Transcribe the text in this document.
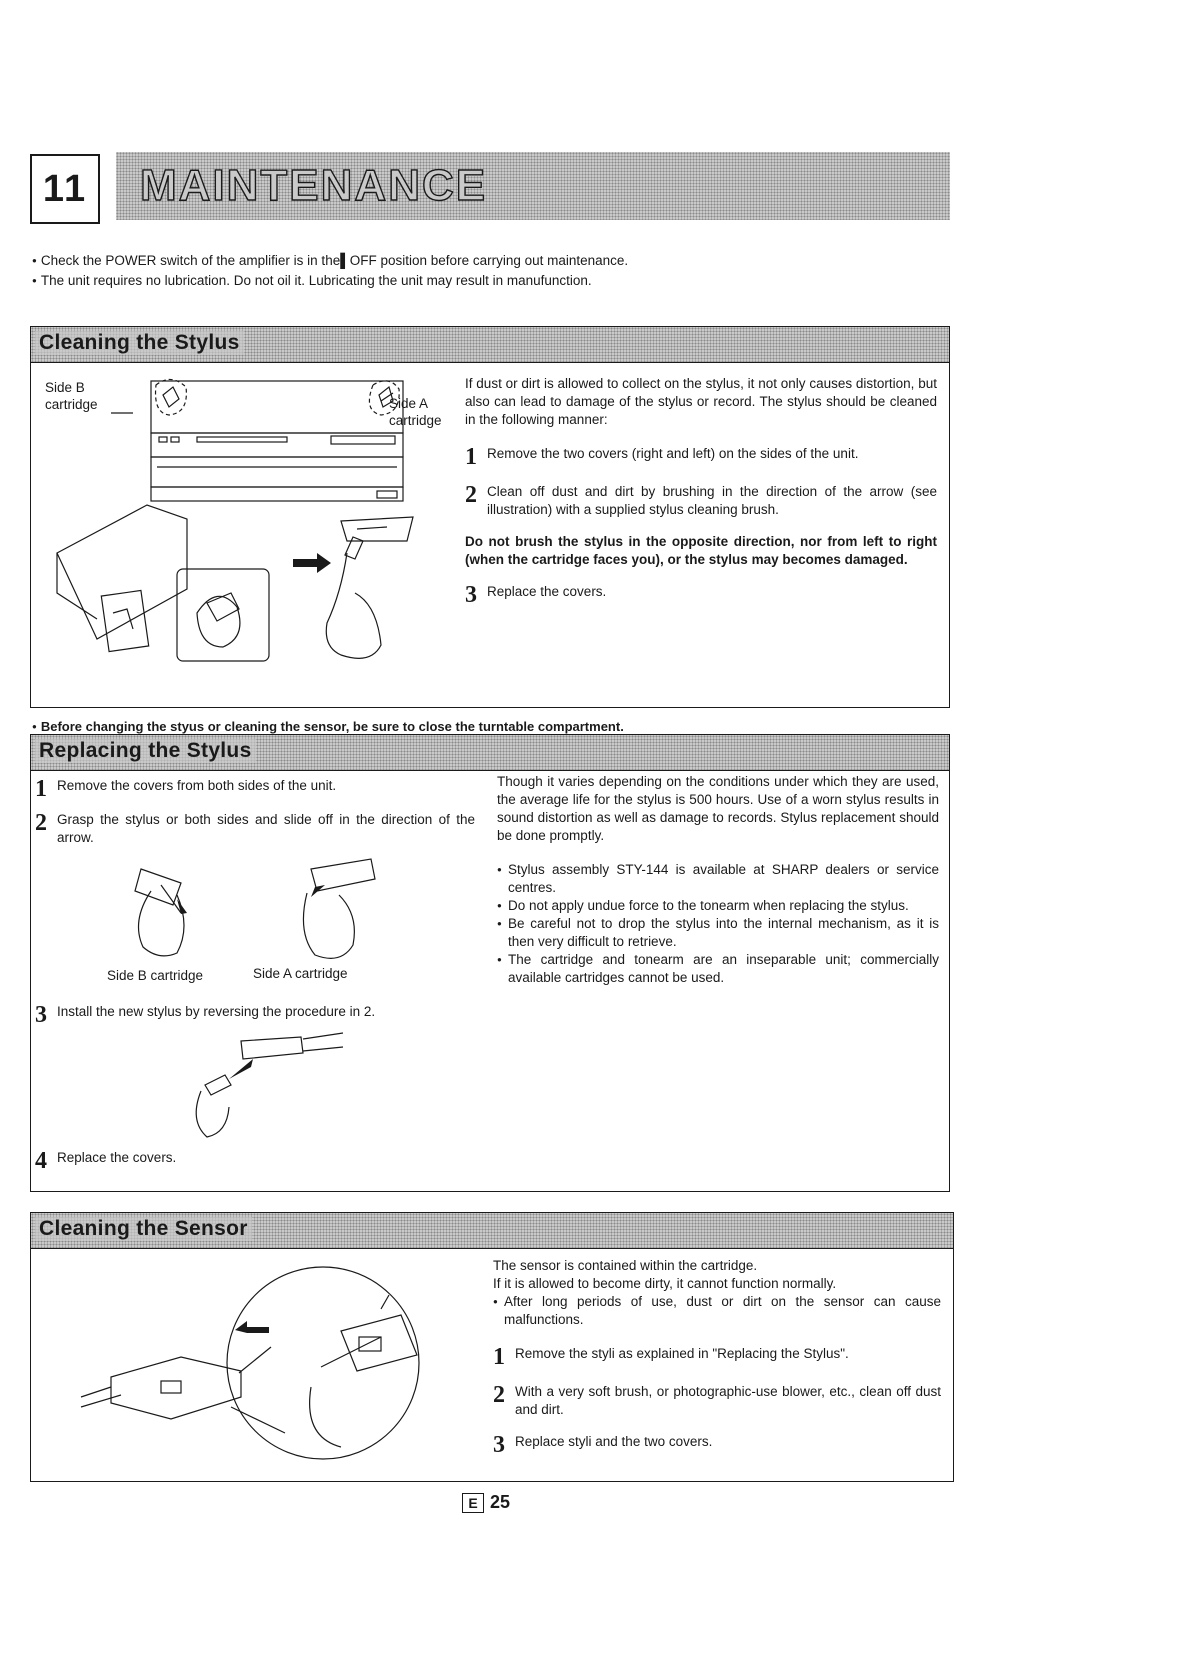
11 MAINTENANCE
● Check the POWER switch of the amplifier is in the▌OFF position before carrying out maintenance.
● The unit requires no lubrication. Do not oil it. Lubricating the unit may result in manufunction.
Cleaning the Stylus
Side B
cartridge	Side A
cartridge

If dust or dirt is allowed to collect on the stylus, it not only causes distortion, but also can lead to damage of the stylus or record. The stylus should be cleaned in the following manner:

1 Remove the two covers (right and left) on the sides of the unit.
2 Clean off dust and dirt by brushing in the direction of the arrow (see illustration) with a supplied stylus cleaning brush.

Do not brush the stylus in the opposite direction, nor from left to right (when the cartridge faces you), or the stylus may becomes damaged.

3 Replace the covers.
● Before changing the styus or cleaning the sensor, be sure to close the turntable compartment.
Replacing the Stylus
1 Remove the covers from both sides of the unit.
2 Grasp the stylus or both sides and slide off in the direction of the arrow.
Side B cartridge	Side A cartridge
3 Install the new stylus by reversing the procedure in 2.
4 Replace the covers.

Though it varies depending on the conditions under which they are used, the average life for the stylus is 500 hours. Use of a worn stylus results in sound distortion as well as damage to records. Stylus replacement should be done promptly.

● Stylus assembly STY-144 is available at SHARP dealers or service centres.
● Do not apply undue force to the tonearm when replacing the stylus.
● Be careful not to drop the stylus into the internal mechanism, as it is then very difficult to retrieve.
● The cartridge and tonearm are an inseparable unit; commercially available cartridges cannot be used.
Cleaning the Sensor

The sensor is contained within the cartridge.

If it is allowed to become dirty, it cannot function normally.

● After long periods of use, dust or dirt on the sensor can cause malfunctions.
1 Remove the styli as explained in "Replacing the Stylus".
2 With a very soft brush, or photographic-use blower, etc., clean off dust and dirt.
3 Replace styli and the two covers.
E 25
